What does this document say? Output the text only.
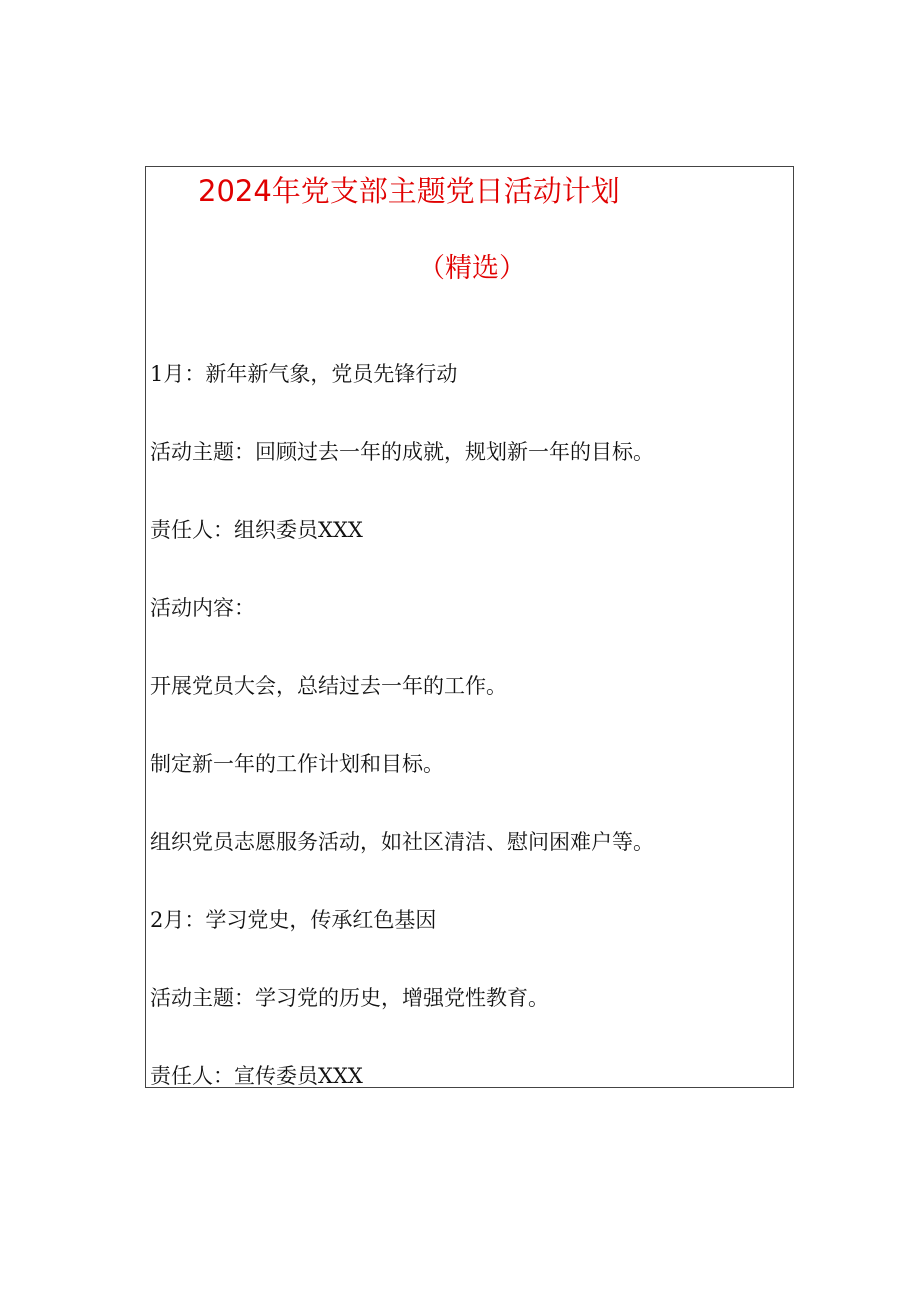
2024年党支部主题党日活动计划
（精选）
1月：新年新气象，党员先锋行动
活动主题：回顾过去一年的成就，规划新一年的目标。
责任人：组织委员XXX
活动内容：
开展党员大会，总结过去一年的工作。
制定新一年的工作计划和目标。
组织党员志愿服务活动，如社区清洁、慰问困难户等。
2月：学习党史，传承红色基因
活动主题：学习党的历史，增强党性教育。
责任人：宣传委员XXX
